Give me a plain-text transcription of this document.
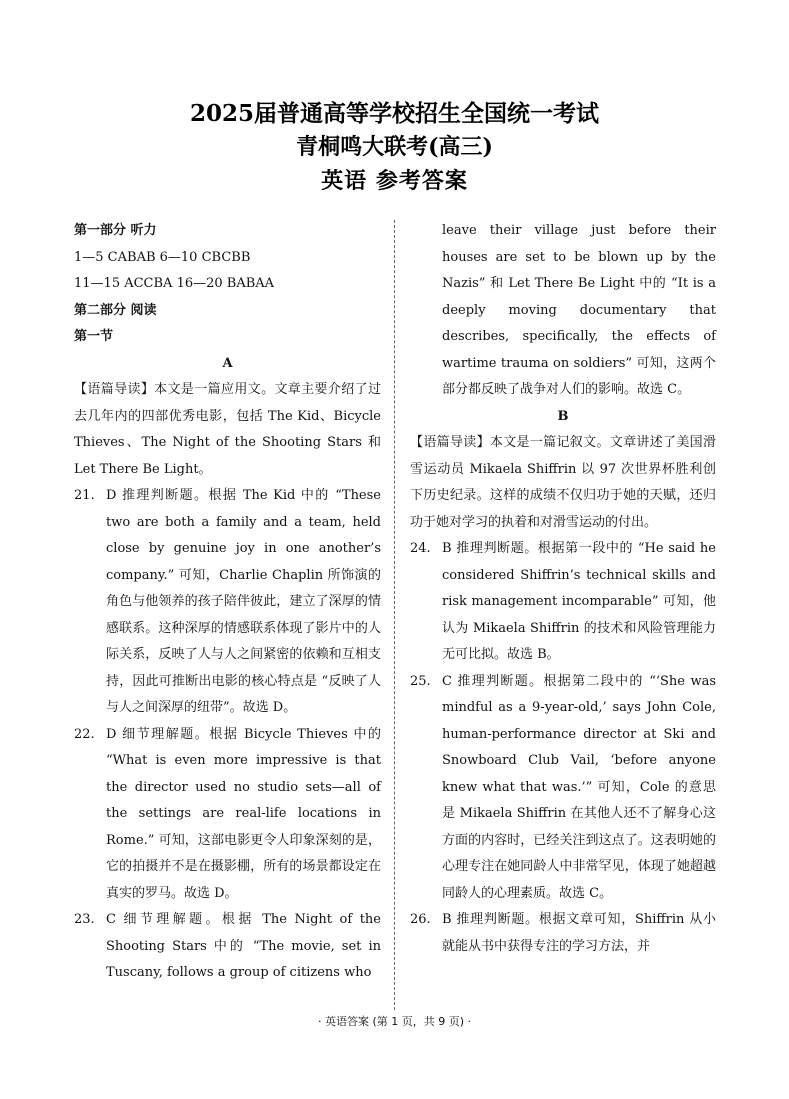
2025届普通高等学校招生全国统一考试
青桐鸣大联考(高三)
英语 参考答案

第一部分 听力

1—5 CABAB 6—10 CBCBB

11—15 ACCBA 16—20 BABAA

第二部分 阅读

第一节

A

【语篇导读】本文是一篇应用文。文章主要介绍了过去几年内的四部优秀电影，包括 The Kid、Bicycle Thieves、The Night of the Shooting Stars 和 Let There Be Light。

21. D 推理判断题。根据 The Kid 中的 “These two are both a family and a team, held close by genuine joy in one another’s company.” 可知，Charlie Chaplin 所饰演的角色与他领养的孩子陪伴彼此，建立了深厚的情感联系。这种深厚的情感联系体现了影片中的人际关系，反映了人与人之间紧密的依赖和互相支持，因此可推断出电影的核心特点是 “反映了人与人之间深厚的纽带”。故选 D。
22. D 细节理解题。根据 Bicycle Thieves 中的 “What is even more impressive is that the director used no studio sets—all of the settings are real-life locations in Rome.” 可知，这部电影更令人印象深刻的是，它的拍摄并不是在摄影棚，所有的场景都设定在真实的罗马。故选 D。
23. C 细节理解题。根据 The Night of the Shooting Stars 中的 “The movie, set in Tuscany, follows a group of citizens who

leave their village just before their houses are set to be blown up by the Nazis” 和 Let There Be Light 中的 “It is a deeply moving documentary that describes, specifically, the effects of wartime trauma on soldiers” 可知，这两个部分都反映了战争对人们的影响。故选 C。

B

【语篇导读】本文是一篇记叙文。文章讲述了美国滑雪运动员 Mikaela Shiffrin 以 97 次世界杯胜利创下历史纪录。这样的成绩不仅归功于她的天赋，还归功于她对学习的执着和对滑雪运动的付出。

24. B 推理判断题。根据第一段中的 “He said he considered Shiffrin’s technical skills and risk management incomparable” 可知，他认为 Mikaela Shiffrin 的技术和风险管理能力无可比拟。故选 B。
25. C 推理判断题。根据第二段中的 “‘She was mindful as a 9-year-old,’ says John Cole, human-performance director at Ski and Snowboard Club Vail, ‘before anyone knew what that was.’” 可知，Cole 的意思是 Mikaela Shiffrin 在其他人还不了解身心这方面的内容时，已经关注到这点了。这表明她的心理专注在她同龄人中非常罕见，体现了她超越同龄人的心理素质。故选 C。
26. B 推理判断题。根据文章可知，Shiffrin 从小就能从书中获得专注的学习方法，并
· 英语答案 (第 1 页，共 9 页) ·
